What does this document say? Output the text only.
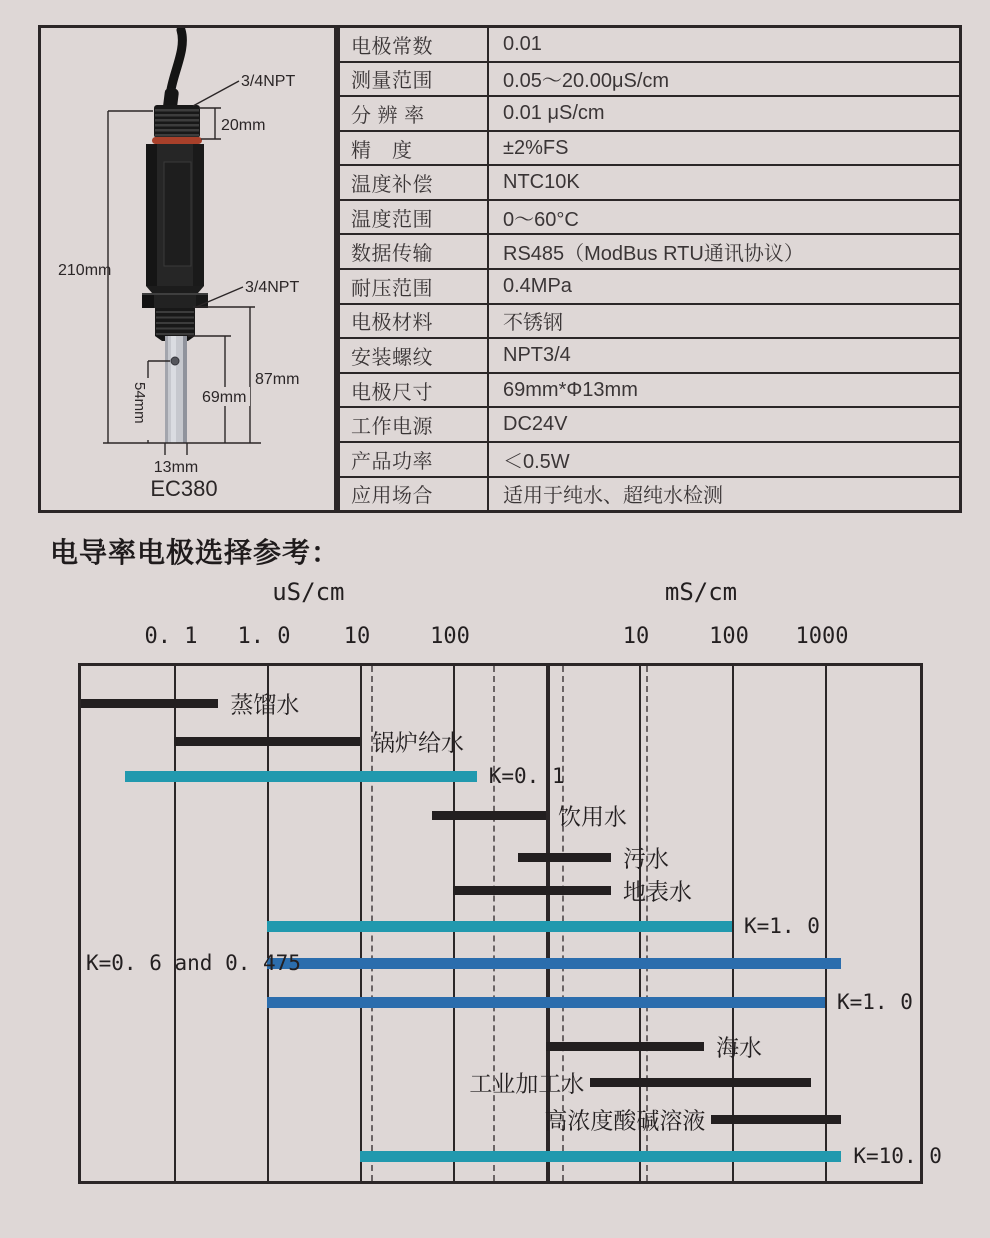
210mm
3/4NPT
20mm
3/4NPT
87mm
69mm
54mm
13mm
EC380
电极常数	0.01
测量范围	0.05～20.00μS/cm
分 辨 率	0.01 μS/cm
精　度	±2%FS
温度补偿	NTC10K
温度范围	0～60°C
数据传输	RS485（ModBus RTU通讯协议）
耐压范围	0.4MPa
电极材料	不锈钢
安装螺纹	NPT3/4
电极尺寸	69mm*Φ13mm
工作电源	DC24V
产品功率	＜0.5W
应用场合	适用于纯水、超纯水检测
电导率电极选择参考：
uS/cm
0. 1 1. 0 10	100
mS/cm
10	100 1000
蒸馏水
锅炉给水
K=0. 1
饮用水
污水
地表水
K=1. 0
K=0. 6 and 0. 475
K=1. 0
海水
工业加工水
高浓度酸碱溶液
K=10. 0
